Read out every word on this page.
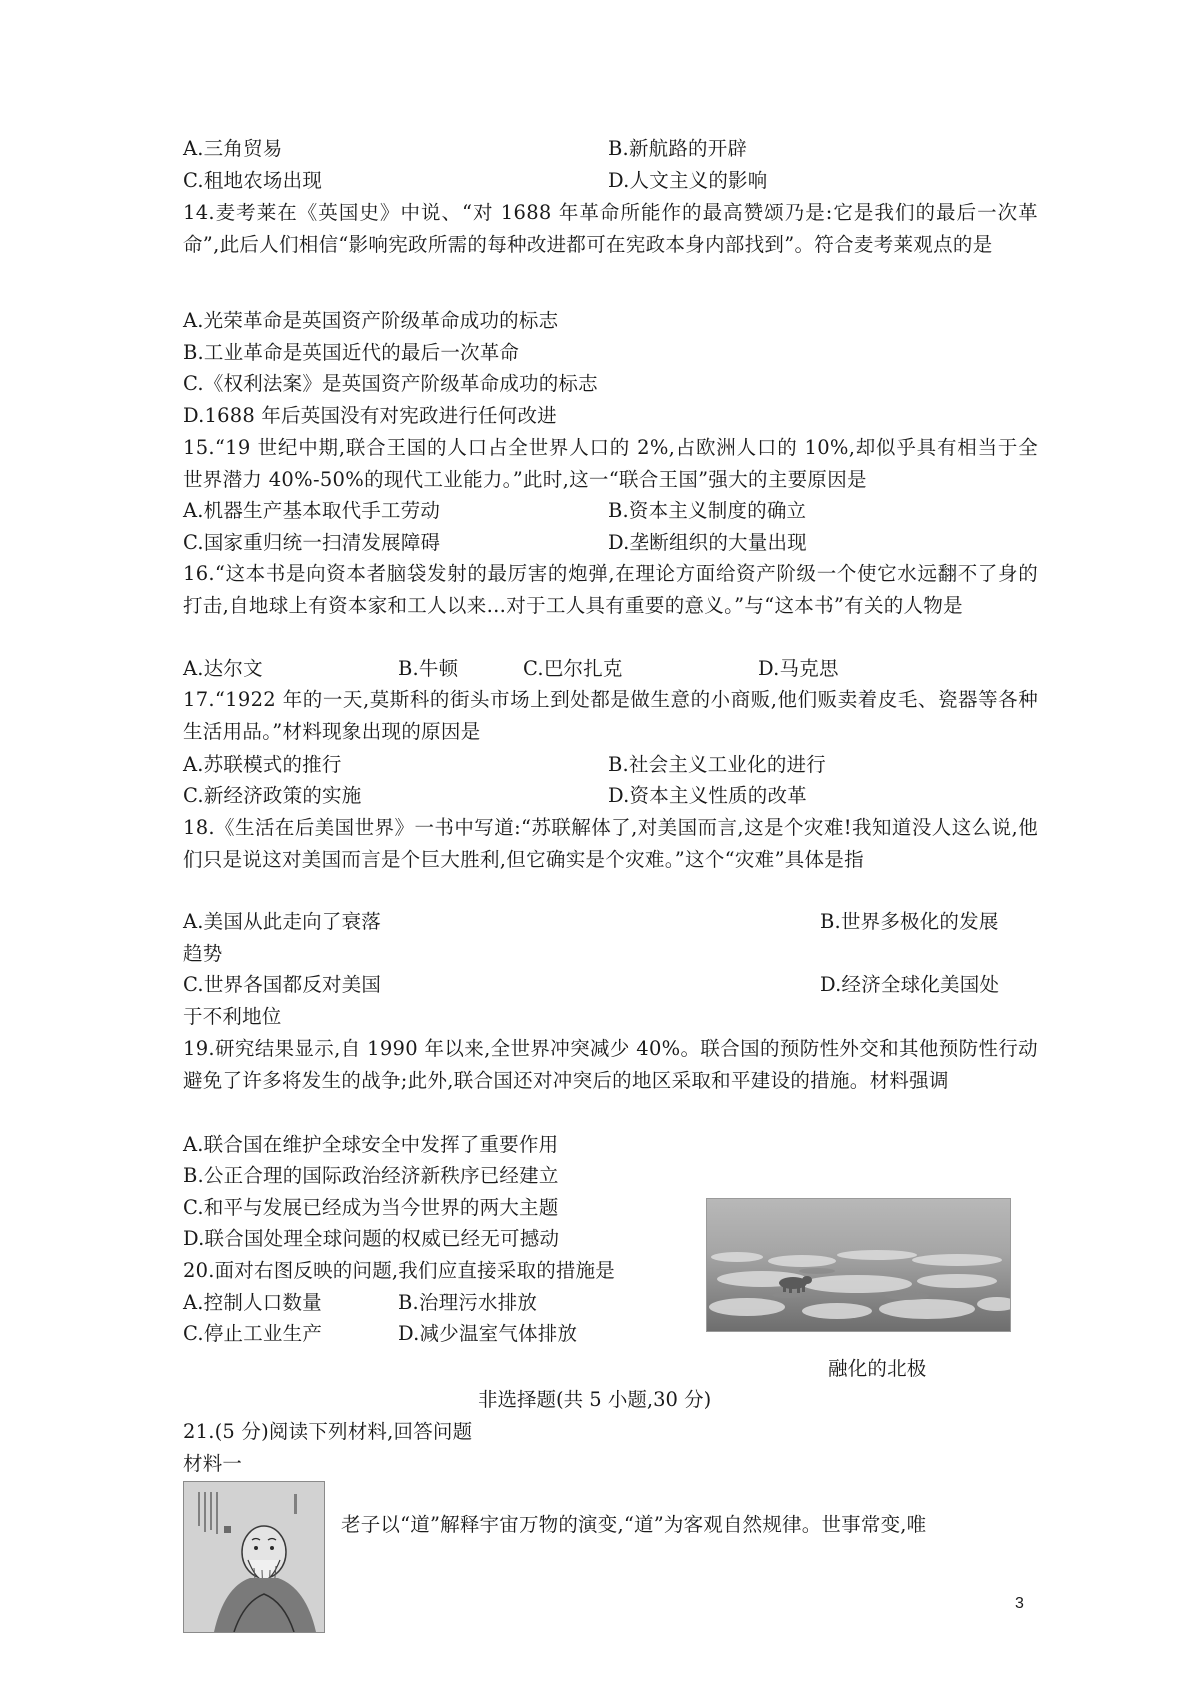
A.三角贸易	B.新航路的开辟
C.租地农场出现	D.人文主义的影响
14.麦考莱在《英国史》中说、“对 1688 年革命所能作的最高赞颂乃是:它是我们的最后一次革命”,此后人们相信“影响宪政所需的每种改进都可在宪政本身内部找到”。符合麦考莱观点的是
A.光荣革命是英国资产阶级革命成功的标志
B.工业革命是英国近代的最后一次革命
C.《权利法案》是英国资产阶级革命成功的标志
D.1688 年后英国没有对宪政进行任何改进
15.“19 世纪中期,联合王国的人口占全世界人口的 2%,占欧洲人口的 10%,却似乎具有相当于全世界潜力 40%-50%的现代工业能力。”此时,这一“联合王国”强大的主要原因是
A.机器生产基本取代手工劳动	B.资本主义制度的确立
C.国家重归统一扫清发展障碍	D.垄断组织的大量出现
16.“这本书是向资本者脑袋发射的最厉害的炮弹,在理论方面给资产阶级一个使它水远翻不了身的打击,自地球上有资本家和工人以来…对于工人具有重要的意义。”与“这本书”有关的人物是
A.达尔文	B.牛顿	C.巴尔扎克	D.马克思
17.“1922 年的一天,莫斯科的街头市场上到处都是做生意的小商贩,他们贩卖着皮毛、瓷器等各种生活用品。”材料现象出现的原因是
A.苏联模式的推行	B.社会主义工业化的进行
C.新经济政策的实施	D.资本主义性质的改革
18.《生活在后美国世界》一书中写道:“苏联解体了,对美国而言,这是个灾难!我知道没人这么说,他们只是说这对美国而言是个巨大胜利,但它确实是个灾难。”这个“灾难”具体是指
A.美国从此走向了衰落	B.世界多极化的发展
趋势
C.世界各国都反对美国	D.经济全球化美国处
于不利地位
19.研究结果显示,自 1990 年以来,全世界冲突减少 40%。联合国的预防性外交和其他预防性行动避免了许多将发生的战争;此外,联合国还对冲突后的地区采取和平建设的措施。材料强调
A.联合国在维护全球安全中发挥了重要作用
B.公正合理的国际政治经济新秩序已经建立
C.和平与发展已经成为当今世界的两大主题
D.联合国处理全球问题的权威已经无可撼动
20.面对右图反映的问题,我们应直接采取的措施是
A.控制人口数量	B.治理污水排放
C.停止工业生产	D.减少温室气体排放
融化的北极
非选择题(共 5 小题,30 分)
21.(5 分)阅读下列材料,回答问题
材料一
老子以“道”解释宇宙万物的演变,“道”为客观自然规律。世事常变,唯
3
